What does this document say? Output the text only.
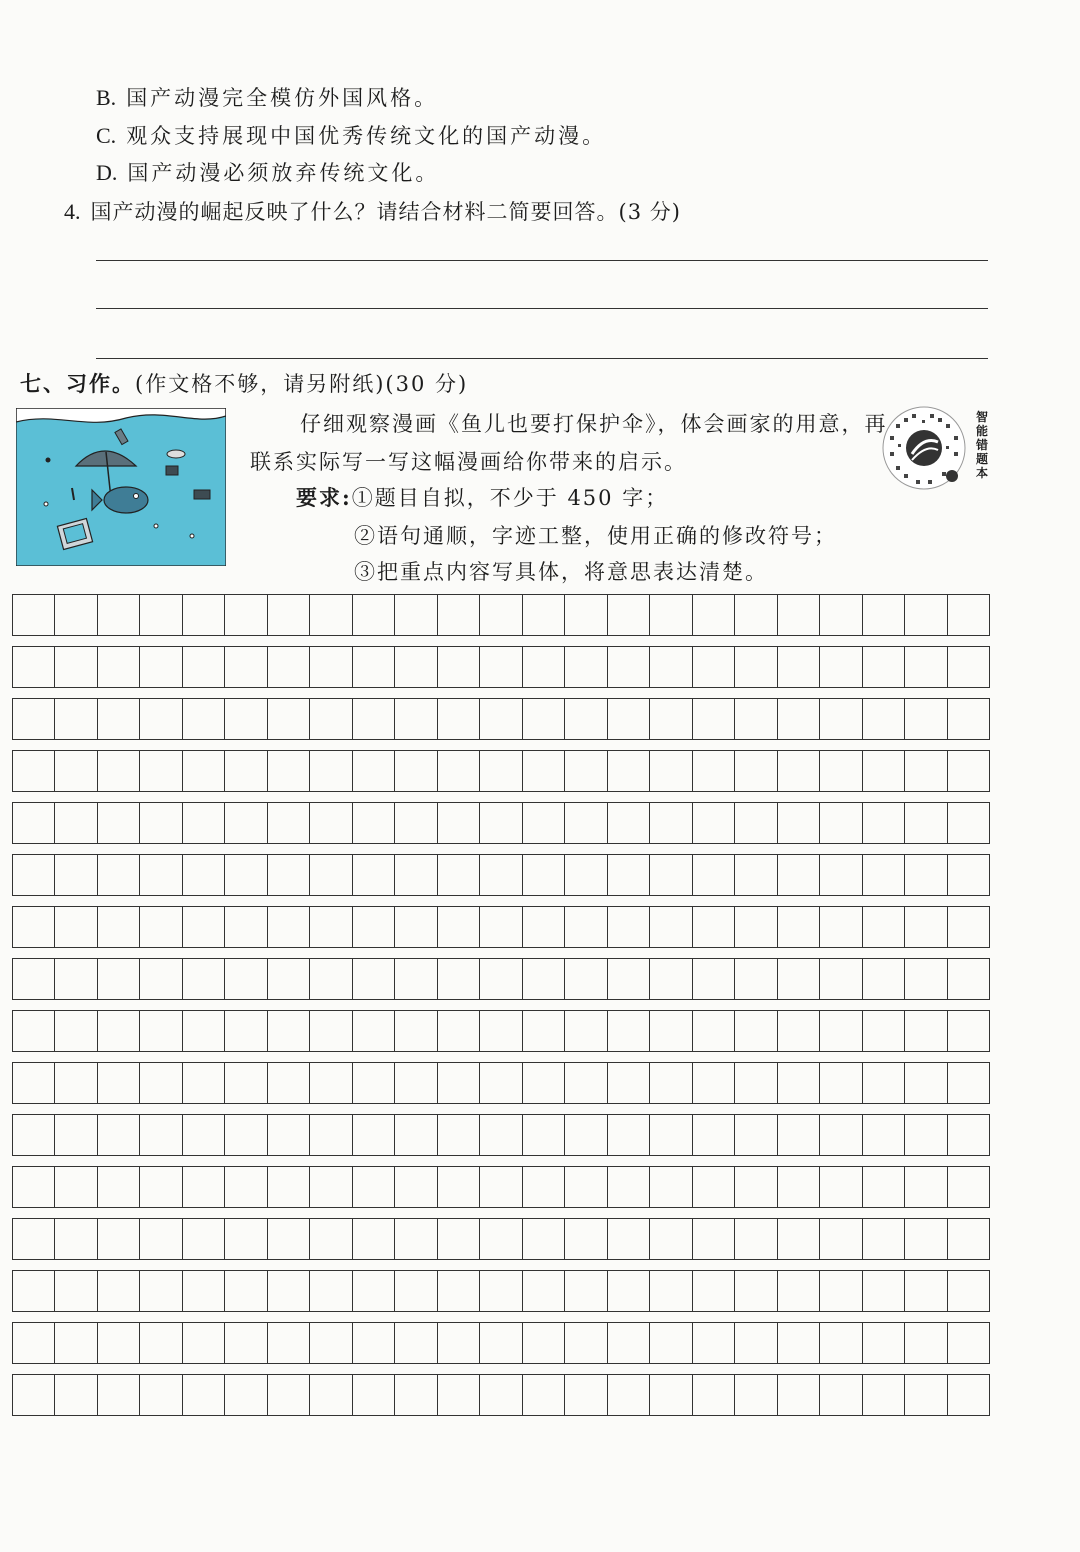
B. 国产动漫完全模仿外国风格。
C. 观众支持展现中国优秀传统文化的国产动漫。
D. 国产动漫必须放弃传统文化。
4. 国产动漫的崛起反映了什么？请结合材料二简要回答。(3 分)
七、习作。(作文格不够，请另附纸)(30 分)
仔细观察漫画《鱼儿也要打保护伞》，体会画家的用意，再
联系实际写一写这幅漫画给你带来的启示。
要求:①题目自拟，不少于 450 字；
②语句通顺，字迹工整，使用正确的修改符号；
③把重点内容写具体，将意思表达清楚。
智能错题本
